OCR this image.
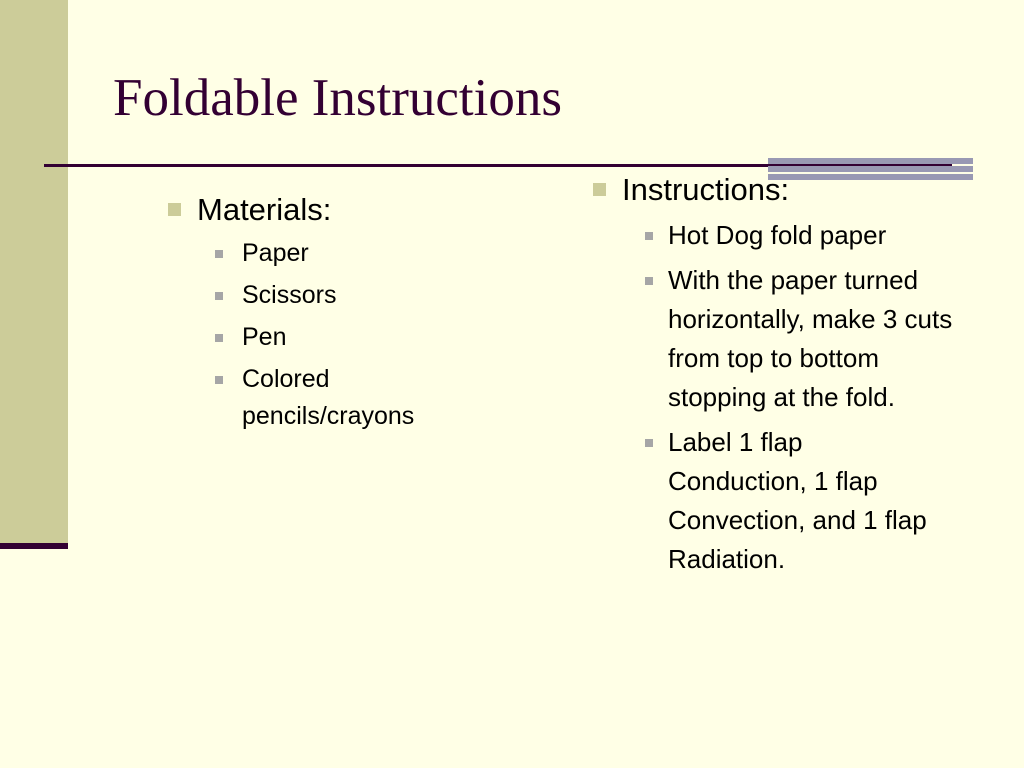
Foldable Instructions
Materials:
Paper
Scissors
Pen
Colored pencils/crayons
Instructions:
Hot Dog fold paper
With the paper turned horizontally, make 3 cuts from top to bottom stopping at the fold.
Label 1 flap Conduction, 1 flap Convection, and 1 flap Radiation.
